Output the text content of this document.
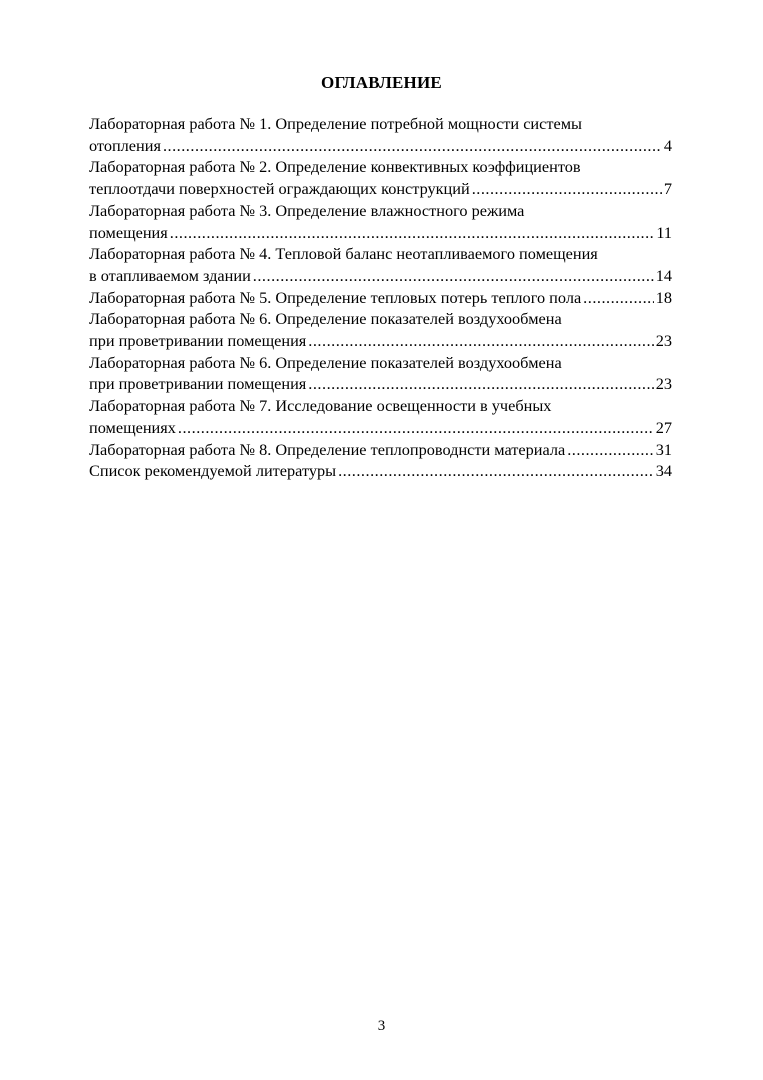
ОГЛАВЛЕНИЕ
Лабораторная работа № 1. Определение потребной мощности системы
отопления .....	4
Лабораторная работа № 2. Определение конвективных коэффициентов
теплоотдачи поверхностей ограждающих конструкций .....	7
Лабораторная работа № 3. Определение влажностного режима
помещения .....	11
Лабораторная работа № 4. Тепловой баланс неотапливаемого помещения
в отапливаемом здании .....	14
Лабораторная работа № 5. Определение тепловых потерь теплого пола .....	18
Лабораторная работа № 6. Определение показателей воздухообмена
при проветривании помещения .....	23
Лабораторная работа № 6. Определение показателей воздухообмена
при проветривании помещения .....	23
Лабораторная работа № 7. Исследование освещенности в учебных
помещениях .....	27
Лабораторная работа № 8. Определение теплопроводнсти материала .....	31
Список рекомендуемой литературы .....	34
3
